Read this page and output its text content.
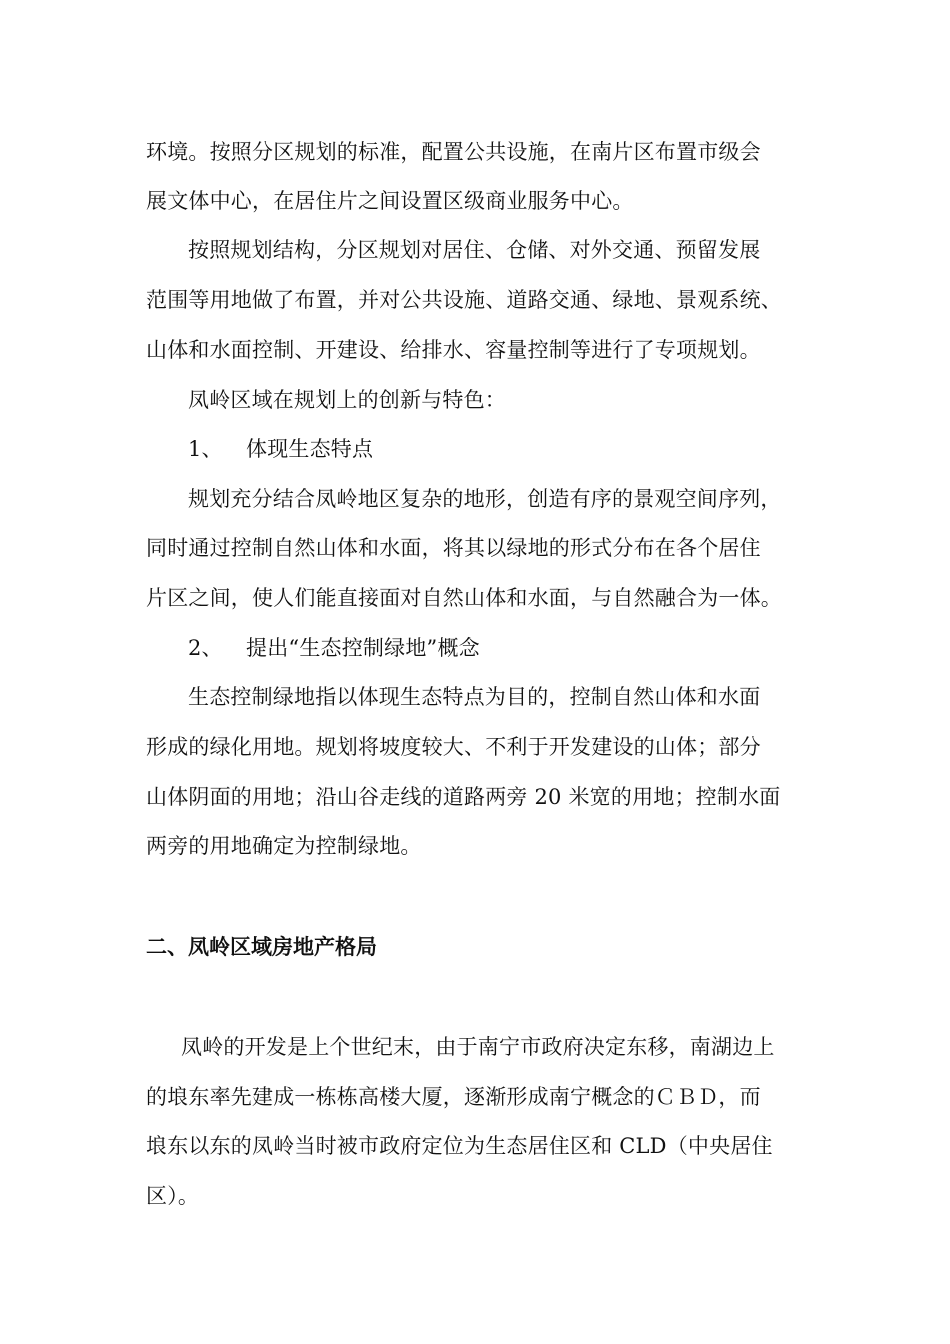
环境。按照分区规划的标准，配置公共设施，在南片区布置市级会
展文体中心，在居住片之间设置区级商业服务中心。
按照规划结构，分区规划对居住、仓储、对外交通、预留发展
范围等用地做了布置，并对公共设施、道路交通、绿地、景观系统、
山体和水面控制、开建设、给排水、容量控制等进行了专项规划。
凤岭区域在规划上的创新与特色：
1、 体现生态特点
规划充分结合凤岭地区复杂的地形，创造有序的景观空间序列，
同时通过控制自然山体和水面，将其以绿地的形式分布在各个居住
片区之间，使人们能直接面对自然山体和水面，与自然融合为一体。
2、 提出“生态控制绿地”概念
生态控制绿地指以体现生态特点为目的，控制自然山体和水面
形成的绿化用地。规划将坡度较大、不利于开发建设的山体；部分
山体阴面的用地；沿山谷走线的道路两旁 20 米宽的用地；控制水面
两旁的用地确定为控制绿地。
二、凤岭区域房地产格局
凤岭的开发是上个世纪末，由于南宁市政府决定东移，南湖边上
的埌东率先建成一栋栋高楼大厦，逐渐形成南宁概念的ＣＢＤ，而
埌东以东的凤岭当时被市政府定位为生态居住区和 CLD（中央居住
区）。
